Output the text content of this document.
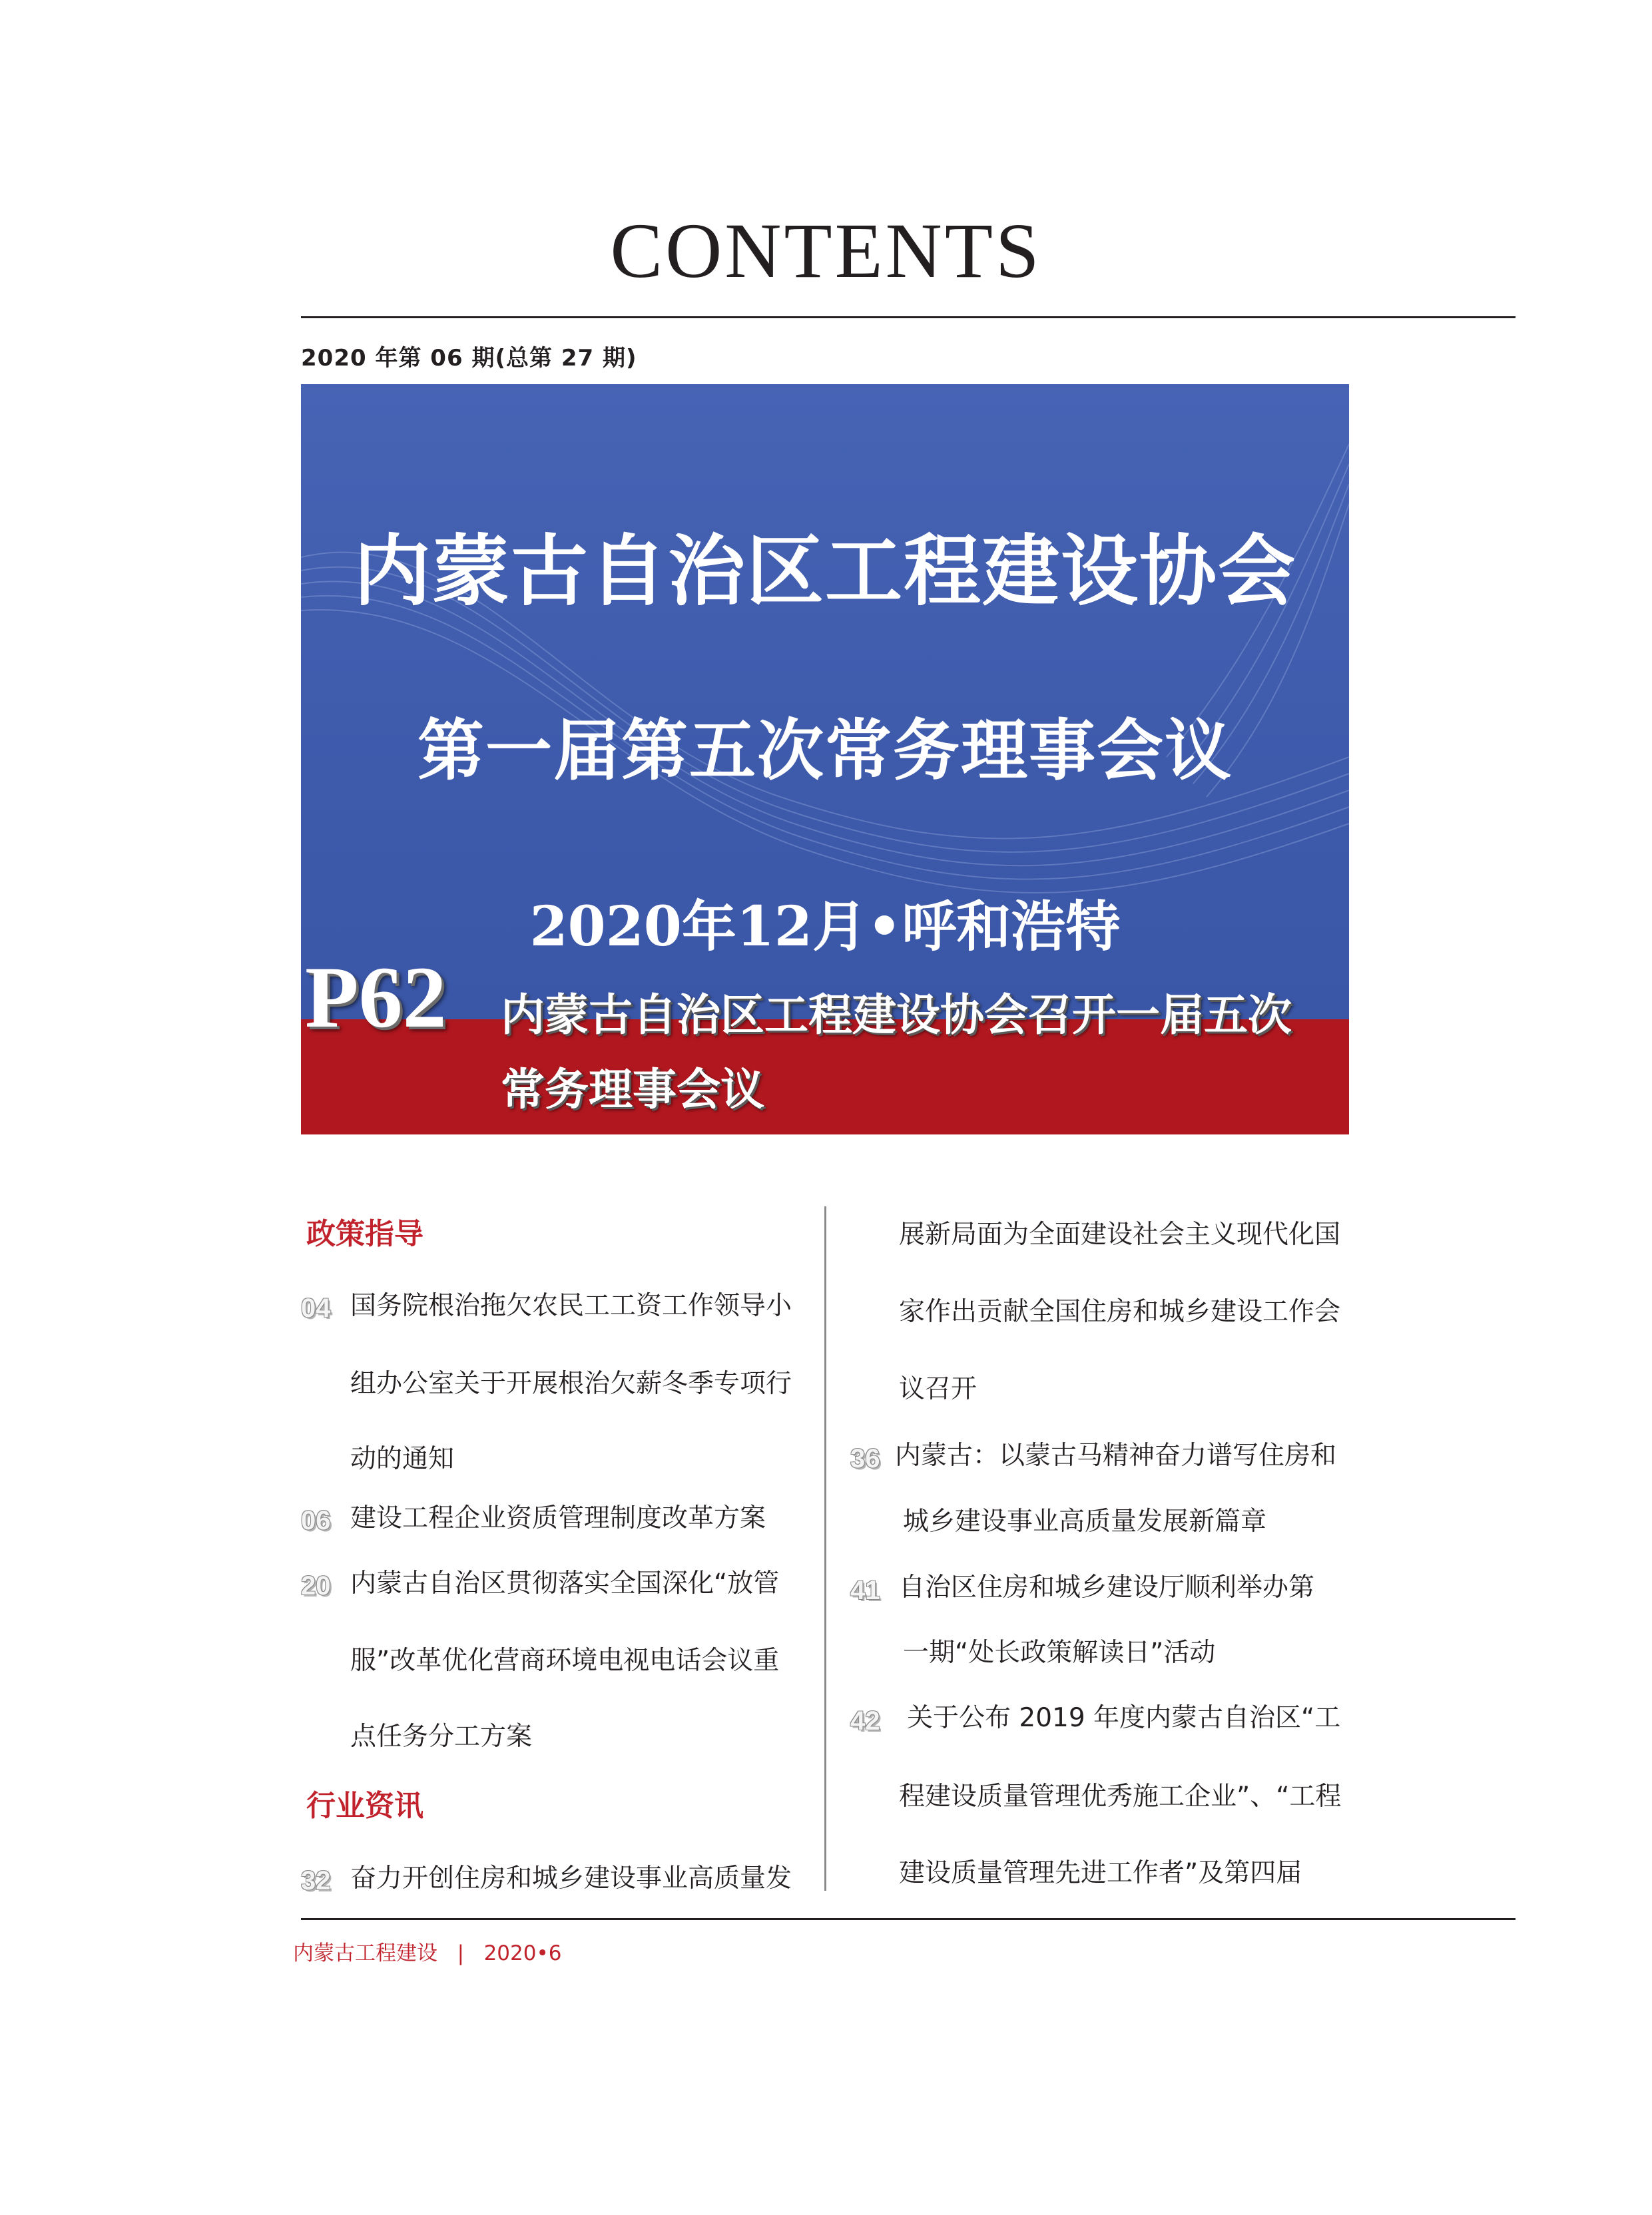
CONTENTS
2020 年第 06 期(总第 27 期)
内蒙古自治区工程建设协会
第一届第五次常务理事会议
2020年12月•呼和浩特
P62 内蒙古自治区工程建设协会召开一届五次
常务理事会议
政策指导
04 国务院根治拖欠农民工工资工作领导小
组办公室关于开展根治欠薪冬季专项行
动的通知
06 建设工程企业资质管理制度改革方案
20 内蒙古自治区贯彻落实全国深化“放管
服”改革优化营商环境电视电话会议重
点任务分工方案
行业资讯
32 奋力开创住房和城乡建设事业高质量发
展新局面为全面建设社会主义现代化国
家作出贡献全国住房和城乡建设工作会
议召开
36 内蒙古：以蒙古马精神奋力谱写住房和
城乡建设事业高质量发展新篇章
41 自治区住房和城乡建设厅顺利举办第
一期“处长政策解读日”活动
42 关于公布 2019 年度内蒙古自治区“工
程建设质量管理优秀施工企业”、“工程
建设质量管理先进工作者”及第四届
内蒙古工程建设 | 2020•6
